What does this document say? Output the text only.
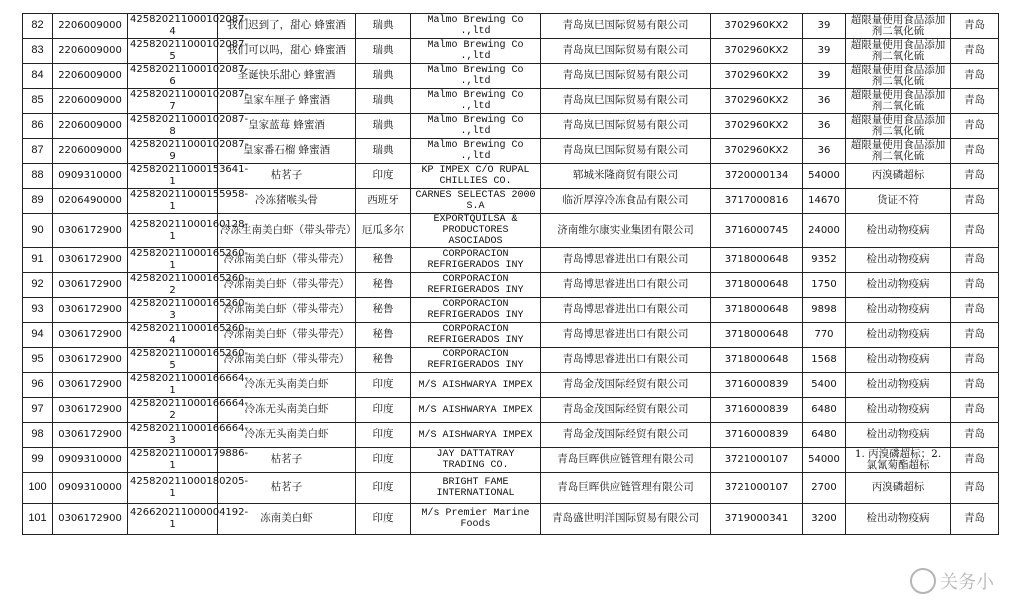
82	2206009000	425820211000102087-4	我们迟到了，甜心 蜂蜜酒	瑞典	Malmo Brewing Co .,ltd	青岛岚巳国际贸易有限公司	3702960KX2	39	超限量使用食品添加剂二氧化硫	青岛
83	2206009000	425820211000102087-5	我们可以吗，甜心 蜂蜜酒	瑞典	Malmo Brewing Co .,ltd	青岛岚巳国际贸易有限公司	3702960KX2	39	超限量使用食品添加剂二氧化硫	青岛
84	2206009000	425820211000102087-6	圣诞快乐甜心 蜂蜜酒	瑞典	Malmo Brewing Co .,ltd	青岛岚巳国际贸易有限公司	3702960KX2	39	超限量使用食品添加剂二氧化硫	青岛
85	2206009000	425820211000102087-7	皇家车厘子 蜂蜜酒	瑞典	Malmo Brewing Co .,ltd	青岛岚巳国际贸易有限公司	3702960KX2	36	超限量使用食品添加剂二氧化硫	青岛
86	2206009000	425820211000102087-8	皇家蓝莓 蜂蜜酒	瑞典	Malmo Brewing Co .,ltd	青岛岚巳国际贸易有限公司	3702960KX2	36	超限量使用食品添加剂二氧化硫	青岛
87	2206009000	425820211000102087-9	皇家番石榴 蜂蜜酒	瑞典	Malmo Brewing Co .,ltd	青岛岚巳国际贸易有限公司	3702960KX2	36	超限量使用食品添加剂二氧化硫	青岛
88	0909310000	425820211000153641-1	枯茗子	印度	KP IMPEX C/O RUPAL CHILLIES CO.	郓城米隆商贸有限公司	3720000134	54000	丙溴磷超标	青岛
89	0206490000	425820211000155958-1	冷冻猪喉头骨	西班牙	CARNES SELECTAS 2000 S.A	临沂厚淳冷冻食品有限公司	3717000816	14670	货证不符	青岛
90	0306172900	425820211000160128-1	冷冻生南美白虾（带头带壳）	厄瓜多尔	EXPORTQUILSA & PRODUCTORES ASOCIADOS	济南维尔康实业集团有限公司	3716000745	24000	检出动物疫病	青岛
91	0306172900	425820211000165260-1	冷冻南美白虾（带头带壳）	秘鲁	CORPORACION REFRIGERADOS INY	青岛博思睿进出口有限公司	3718000648	9352	检出动物疫病	青岛
92	0306172900	425820211000165260-2	冷冻南美白虾（带头带壳）	秘鲁	CORPORACION REFRIGERADOS INY	青岛博思睿进出口有限公司	3718000648	1750	检出动物疫病	青岛
93	0306172900	425820211000165260-3	冷冻南美白虾（带头带壳）	秘鲁	CORPORACION REFRIGERADOS INY	青岛博思睿进出口有限公司	3718000648	9898	检出动物疫病	青岛
94	0306172900	425820211000165260-4	冷冻南美白虾（带头带壳）	秘鲁	CORPORACION REFRIGERADOS INY	青岛博思睿进出口有限公司	3718000648	770	检出动物疫病	青岛
95	0306172900	425820211000165260-5	冷冻南美白虾（带头带壳）	秘鲁	CORPORACION REFRIGERADOS INY	青岛博思睿进出口有限公司	3718000648	1568	检出动物疫病	青岛
96	0306172900	425820211000166664-1	冷冻无头南美白虾	印度	M/S AISHWARYA IMPEX	青岛金茂国际经贸有限公司	3716000839	5400	检出动物疫病	青岛
97	0306172900	425820211000166664-2	冷冻无头南美白虾	印度	M/S AISHWARYA IMPEX	青岛金茂国际经贸有限公司	3716000839	6480	检出动物疫病	青岛
98	0306172900	425820211000166664-3	冷冻无头南美白虾	印度	M/S AISHWARYA IMPEX	青岛金茂国际经贸有限公司	3716000839	6480	检出动物疫病	青岛
99	0909310000	425820211000179886-1	枯茗子	印度	JAY DATTATRAY TRADING CO.	青岛巨晖供应链管理有限公司	3721000107	54000	1. 丙溴磷超标；2. 氯氰菊酯超标	青岛
100	0909310000	425820211000180205-1	枯茗子	印度	BRIGHT FAME INTERNATIONAL	青岛巨晖供应链管理有限公司	3721000107	2700	丙溴磷超标	青岛
101	0306172900	426620211000004192-1	冻南美白虾	印度	M/s Premier Marine Foods	青岛盛世明洋国际贸易有限公司	3719000341	3200	检出动物疫病	青岛
关务小
